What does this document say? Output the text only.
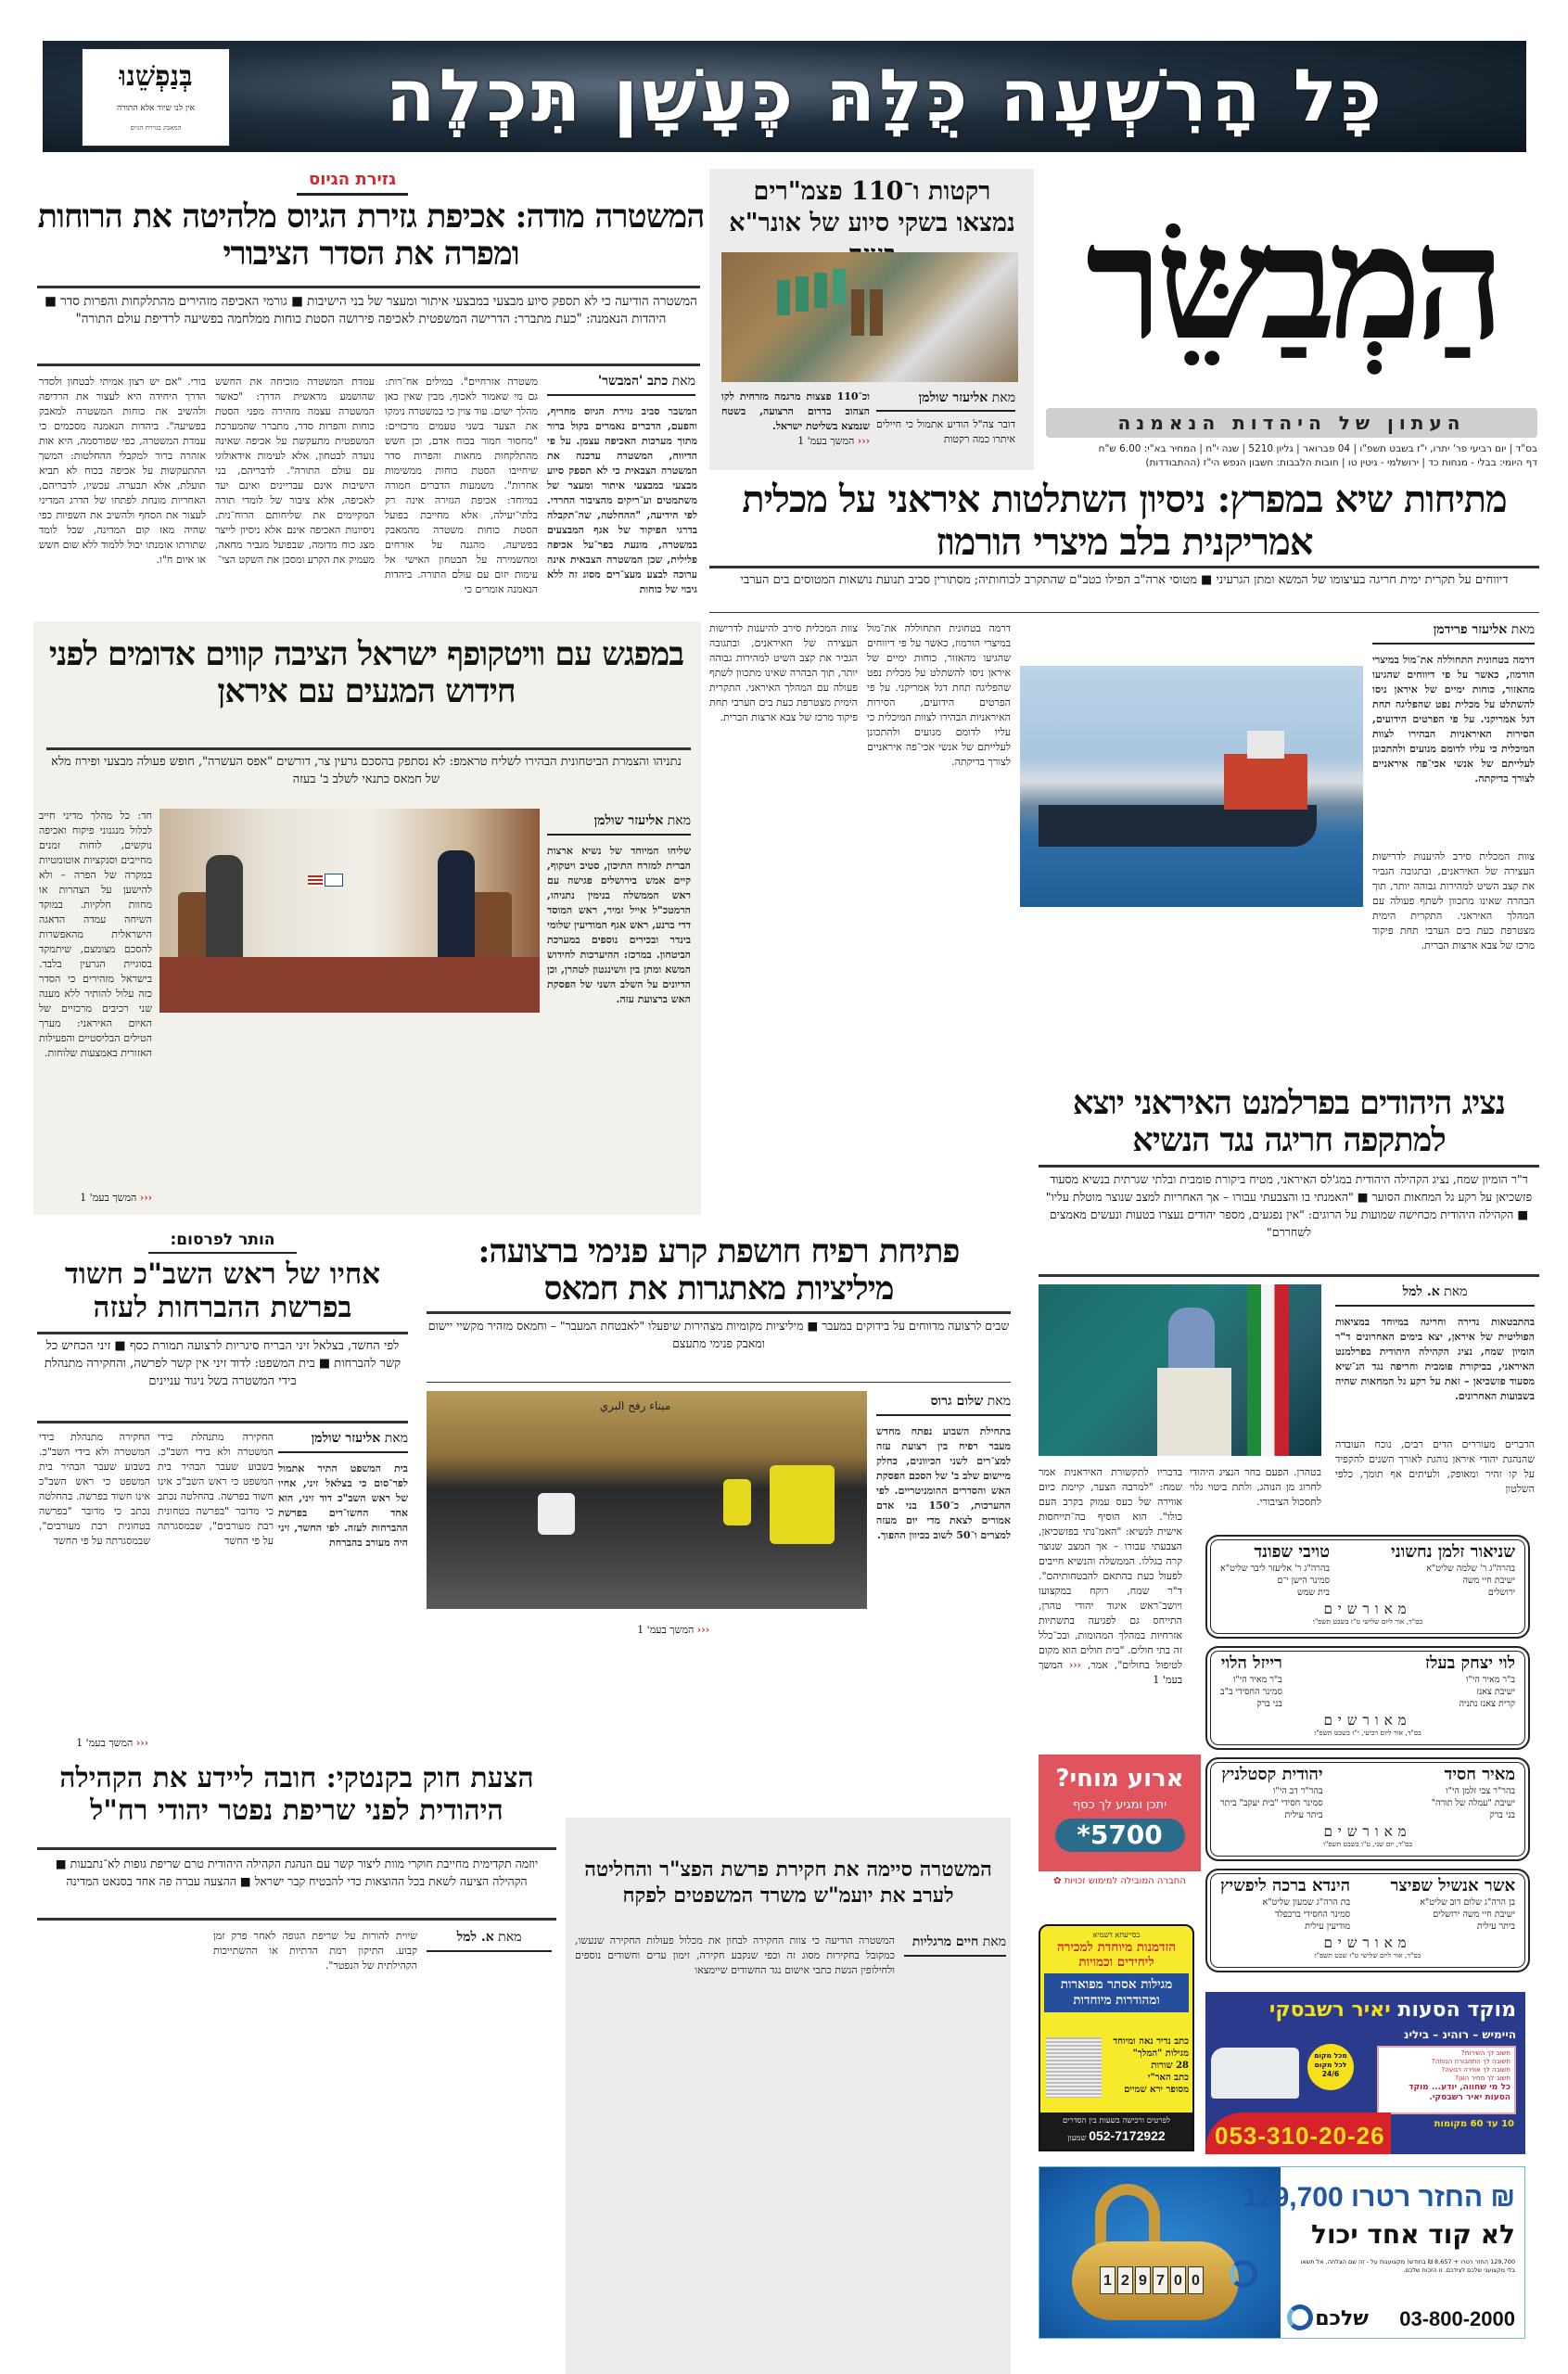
כָּל הָרִשְׁעָה כֻּלָּהּ כֶּעָשָׁן תִּכְלֶה
בְּנַפְשֵׁנוּ
אין לנו שיור אלא התורה
המאבק בגזירת הגיוס
הַמְבַשֵּׂר
העתון של היהדות הנאמנה
בס"ד | יום רביעי פר' יתרו, י"ז בשבט תשפ"ו | 04 פברואר | גליון 5210 | שנה י"ח | המחיר בא"י: 6.00 ש"ח
דף היומי: בבלי - מנחות כד | ירושלמי - גיטין טו | חובות הלבבות: חשבון הנפש הי"ז (ההתבודדות)
רקטות ו־110 פצמ"רים נמצאו בשקי סיוע של אונר"א
מאת אליעזר שולמן
דובר צה"ל הודיע אתמול כי חיילים איתרו כמה רקטות
וכ־110 פצצות מרגמה מזרחית לקו הצהוב בדרום הרצועה, בשטח שנמצא בשליטת ישראל.
‹‹‹ המשך בעמ' 1
גזירת הגיוס
המשטרה מודה: אכיפת גזירת הגיוס מלהיטה את הרוחות ומפרה את הסדר הציבורי
המשטרה הודיעה כי לא תספק סיוע מבצעי במבצעי איתור ומעצר של בני הישיבות ■ גורמי האכיפה מזהירים מהתלקחות והפרות סדר ■ היהדות הנאמנה: "כעת מתברר: הדרישה המשפטית לאכיפה פירושה הסטת כוחות ממלחמה בפשיעה לרדיפת עולם התורה"
מאת כתב 'המבשר'
המשבר סביב גזירת הגיוס מחריף, והפעם, הדברים נאמרים בקול ברור מתוך מערכות האכיפה עצמן. על פי הדיווח, המשטרה עדכנה את המשטרה הצבאית כי לא תספק סיוע מבצעי במבצעי איתור ומעצר של משתמטים וע־ריקים מהציבור החרדי. לפי הידיעה, "ההחלטה, שה־תקבלה בדרגי הפיקוד של אגף המבצעים במשטרה, מונעת בפר־על אכיפה פלילית, שכן המשטרה הצבאית אינה ערוכה לבצע מעצ־רים מסוג זה ללא גיבוי של כוחות
משטרה אזרחיים". במילים אח־רות: גם מי שאמור לאכוף, מבין שאין כאן מהלך ישים. עוד צוין כי במשטרה נימקו את הצעד בשני טעמים מרכזיים: "מחסור חמור בכוח אדם, וכן חשש מהתלקחות מחאות והפרות סדר שיחייבו הסטת כוחות ממשימות אחרות". משמעות הדברים חמורה במיוחד: אכיפת הגזירה אינה רק בלתי־יעילה, אלא מחייבת בפועל הסטת כוחות משטרה מהמאבק בפשיעה, מהגנה על אזרחים ומהשמירה על הבטחון האישי אל עימות יזום עם עולם התורה. ביהדות הנאמנה אומרים כי
עמדת המשטרה מוכיחה את החשש שהושמע מראשית הדרך: "כאשר המשטרה עצמה מזהירה מפני הסטת כוחות והפרות סדר, מתברר שהמערכת המשפטית מתעקשת על אכיפה שאינה נועדה לבטחון, אלא לעימות אידאולוגי עם עולם התורה". לדבריהם, בני הישיבות אינם עבריינים ואינם יעד לאכיפה, אלא ציבור של לומדי תורה המקיימים את שליחותם הרוח־נית. ניסיונות האכיפה אינם אלא ניסיון לייצר מצג כוח מדומה, שבפועל מגביר מחאה, מעמיק את הקרע ומסכן את השקט הצי־
בורי. "אם יש רצון אמיתי לבטחון ולסדר הדרך היחידה היא לעצור את הרדיפה ולהשיב את כוחות המשטרה למאבק בפשיעה". ביהדות הנאמנה מסכמים כי עמדת המשטרה, כפי שפורסמה, היא אות אזהרה ברור למקבלי ההחלטות: המשך ההתעקשות על אכיפה בכוח לא תביא תועלת, אלא תבערה. עכשיו, לדבריהם, האחריות מונחת לפתחו של הדרג המדיני לעצור את הסחף ולהשיב את השפיות כפי שהיה מאז קום המדינה, שכל לומד שתורתו אומנתו יכול ללמוד ללא שום חשש או איום ח"ו.
מתיחות שיא במפרץ: ניסיון השתלטות איראני על מכלית אמריקנית בלב מיצרי הורמוז
דיווחים על תקרית ימית חריגה בעיצומו של המשא ומתן הגרעיני ■ מטוסי ארה"ב הפילו כטב"ם שהתקרב לכוחותיה; מסתורין סביב תנועת נושאות המטוסים בים הערבי
מאת אליעזר פרידמן
דרמה בטחונית התחוללה את־מול במיצרי הורמוז, כאשר על פי דיווחים שהגיעו מהאזור, כוחות ימיים של איראן ניסו להשתלט על מכלית נפט שהפליגה תחת דגל אמריקני. על פי הפרטים הידועים, הסירות האיראניות הבהירו לצוות המיכלית כי עליו לדומם מנועים ולהתכונן לעלייתם של אנשי אכי־פה איראניים לצורך בדיקתה.
צוות המכלית סירב להיענות לדרישות העצירה של האיראנים, ובתגובה הגביר את קצב השיט למהירות גבוהה יותר, תוך הבהרה שאינו מתכוון לשתף פעולה עם המהלך האיראני. התקרית הימית מצטרפת כעת בים הערבי תחת פיקוד מרכז של צבא ארצות הברית.
צוות המכלית סירב להיענות לדרישות העצירה של האיראנים, ובתגובה הגביר את קצב השיט למהירות גבוהה יותר, תוך הבהרה שאינו מתכוון לשתף פעולה עם המהלך האיראני. התקרית הימית מצטרפת כעת בים הערבי תחת פיקוד מרכז של צבא ארצות הברית.
דרמה בטחונית התחוללה את־מול במיצרי הורמוז, כאשר על פי דיווחים שהגיעו מהאזור, כוחות ימיים של איראן ניסו להשתלט על מכלית נפט שהפליגה תחת דגל אמריקני. על פי הפרטים הידועים, הסירות האיראניות הבהירו לצוות המיכלית כי עליו לדומם מנועים ולהתכונן לעלייתם של אנשי אכי־פה איראניים לצורך בדיקתה.
במפגש עם וויטקופף ישראל הציבה קווים אדומים לפני חידוש המגעים עם איראן
נתניהו והצמרת הביטחונית הבהירו לשליח טראמפ: לא נסתפק בהסכם גרעין צר, דורשים "אפס העשרה", חופש פעולה מבצעי ופירוז מלא של חמאס כתנאי לשלב ב' בעזה
מאת אליעזר שולמן
שליחו המיוחד של נשיא ארצות הברית למזרח התיכון, סטיב ויטקוף, קיים אמש בירושלים פגישה עם ראש הממשלה בנימין נתניהו, הרמטכ"ל אייל זמיר, ראש המוסד דדי ברנע, ראש אגף המודיעין שלומי בינדר ובכירים נוספים במערכת הביטחון. במרכז: ההיערכות לחידוש המשא ומתן בין וושינגטון לטהרן, וכן הדיונים על השלב השני של הפסקת האש ברצועת עזה.
חד: כל מהלך מדיני חייב לכלול מנגנוני פיקוח ואכיפה נוקשים, לוחות זמנים מחייבים וסנקציות אוטומטיות במקרה של הפרה – ולא להישען על הצהרות או מחוות חלקיות. במוקד השיחה עמדה הדאגה הישראלית מהאפשרות להסכם מצומצם, שיתמקד בסוגיית הגרעין בלבד. בישראל מזהירים כי הסדר כזה עלול להותיר ללא מענה שני רכיבים מרכזיים של האיום האיראני: מערך הטילים הבליסטיים והפעילות האזורית באמצעות שלוחות.
‹‹‹ המשך בעמ' 1
נציג היהודים בפרלמנט האיראני יוצא למתקפה חריגה נגד הנשיא
ד"ר הומיון שמח, נציג הקהילה היהודית במג'לס האיראני, מטיח ביקורת פומבית ובלתי שגרתית בנשיא מסעוד פזשכיאן על רקע גל המחאות הסוער ■ "האמנתי בו והצבעתי עבורו – אך האחריות למצב שנוצר מוטלת עליו" ■ הקהילה היהודית מכחישה שמועות על הרוגים: "אין נפגעים, מספר יהודים נעצרו בטעות ונעשים מאמצים לשחררם"
מאת א. למל
בהתבטאות נדירה וחריגה במיוחד במציאות הפוליטית של איראן, יצא בימים האחרונים ד"ר הומיון שמח, נציג הקהילה היהודית בפרלמנט האיראני, בביקורת פומבית וחריפה נגד הנ־שיא מסעוד פזשכיאן – זאת על רקע גל המחאות שהיה בשבועות האחרונים.
הדברים מעוררים הדים רבים, נוכח העובדה שהנהגת יהודי איראן נוהגת לאורך השנים להקפיד על קו זהיר ומאופק, ולעיתים אף תומך, כלפי השלטון
בטהרן. הפעם בחר הנציג היהודי לחרוג מן הנוהג, ולתת ביטוי גלוי לתסכול הציבורי.
בדבריו לתקשורת האיראנית אמר שמח: "למרבה הצער, קיימת כיום אווירה של כעס עמוק בקרב העם כולו". הוא הוסיף בה־תייחסות אישית לנשיא: "האמ־נתי בפזשכיאן, הצבעתי עבורו – אך המצב שנוצר קרה בגללו. הממשלה והנשיא חייבים לפעול כעת בהתאם להבטחותיהם". ד"ר שמח, רוקח במקצועו ויושב־ראש איגוד יהודי טהרן, התייחס גם לפגיעה בתשתיות אזרחיות במהלך המהומות, ובכ־כלל זה בתי חולים. "בית חולים הוא מקום לטיפול בחולים", אמר, ‹‹‹ המשך בעמ' 1
פתיחת רפיח חושפת קרע פנימי ברצועה: מיליציות מאתגרות את חמאס
שבים לרצועה מדווחים על בידוקים במעבר ■ מיליציות מקומיות מצהירות שיפעלו "לאבטחת המעבר" – וחמאס מזהיר מקשיי יישום ומאבק פנימי מתעצם
ميناء رفح البري	מאת שלום גרוס
בתחילת השבוע נפתח מחדש מעבר רפיח בין רצועת עזה למצ־רים לשני הכיוונים, כחלק מיישום שלב ב' של הסכם הפסקת האש והסדרים ההומניטריים. לפי ההערכות, כ־150 בני אדם אמורים לצאת מדי יום מעזה למצרים ו־50 לשוב בכיוון ההפוך.
‹‹‹ המשך בעמ' 1
הותר לפרסום:
אחיו של ראש השב"כ חשוד בפרשת ההברחות לעזה
לפי החשד, בצלאל זיני הבריח סיגריות לרצועה תמורת כסף ■ זיני הכחיש כל קשר להברחות ■ בית המשפט: לדוד זיני אין קשר לפרשה, והחקירה מתנהלת בידי המשטרה בשל ניגוד עניינים
מאת אליעזר שולמן
בית המשפט התיר אתמול לפר־סום כי בצלאל זיני, אחיו של ראש השב"כ דוד זיני, הוא אחד החשו־דים בפרשת ההברחות לעזה. לפי החשד, זיני היה מעורב בהברחת
החקירה מתנהלת בידי המשטרה ולא בידי השב"כ. בשבוע שעבר הבהיר בית המשפט כי ראש השב"כ אינו חשוד בפרשה. בהחלטה נכתב כי מדובר "בפרשה בטחונית רבת מעורבים", שבמסגרתה על פי החשד
החקירה מתנהלת בידי המשטרה ולא בידי השב"כ. בשבוע שעבר הבהיר בית המשפט כי ראש השב"כ אינו חשוד בפרשה. בהחלטה נכתב כי מדובר "בפרשה בטחונית רבת מעורבים", שבמסגרתה על פי החשד
‹‹‹ המשך בעמ' 1
הצעת חוק בקנטקי: חובה ליידע את הקהילה היהודית לפני שריפת נפטר יהודי רח"ל
יוזמה תקדימית מחייבת חוקרי מוות ליצור קשר עם הנהגת הקהילה היהודית טרם שריפת גופות לא־נתבעות ■ הקהילה הציעה לשאת בכל ההוצאות כדי להבטיח קבר ישראל ■ ההצעה עברה פה אחד בסנאט המדינה
מאת א. למל
שיוית להורות על שריפת הגופה לאחר פרק זמן קבוע. התיקון רמת הדתיות או ההשתייכות הקהילתית של הנפטר".
המשטרה סיימה את חקירת פרשת הפצ"ר והחליטה לערב את יועמ"ש משרד המשפטים לפקח
מאת חיים מרגליות
המשטרה הודיעה כי צוות החקירה לבחון את מכלול פעולות החקירה שנעשו, כמקובל בחקירות מסוג זה וכפי שנקבע חקירה, זימון עדים וחשודים נוספים ולחילופין הגשת כתבי אישום נגד החשודים שיימצאו
שניאור זלמן נחשוני
בהרה"ג ר' שלמה שליט"א
ישיבת חיי משה
ירושלים
טויבי שפונד
בהרה"ג ר' אליעזר ליבר שליט"א
סמינר הישן י־ם
בית שמש
מאורשים
בס"ד, אור ליום שלישי ט"ז בשבט תשפ"ו
לוי יצחק בעלז
ב"ר מאיר הי"ו
ישיבת צאנז
קרית צאנז נתניה
רייזל הלוי
ב"ר מאיר הי"ו
סמינר החסידי ב"ב
בני ברק
מאורשים
בס"ד, אור ליום רביעי, י"ז בשבט תשפ"ו
מאיר חסיד
בהר"ר צבי זלמן הי"ו
ישיבת "עמלה של תורה"
בני ברק
יהודית קסטלניץ
בהר"ר דב הי"ו
סמינר חסידי "בית יעקב" ביתר
ביתר עילית
מאורשים
בס"ד, יום שני, ט"ו בשבט תשפ"ו
אשר אנשיל שפיצר
בן הרה"ג שלום דוב שליט"א
ישיבת חיי משה ירושלים
ביתר עילית
הינדא ברכה ליפשיץ
בת הרה"ג שמעון שליט"א
סמינר החסידי ברכפלד
מודיעין עילית
מאורשים
בס"ד, אור ליום שלישי ט"ז שבט תשפ"ו
ארוע מוחי?
יתכן ומגיע לך כסף
*5700
החברה המובילה למימוש זכויות ✿
בסייעתא דשמיא
הזדמנות מיוחדת למכירה ליחידים וכמויות
מגילות אסתר מפוארות ומהודרות מיוחדות
כתב נדיר נאה ומיוחד
מגילות "המלך"
28 שורות
כתב האר"י
מסופר ירא שמיים
לפרטים ורכישה בשעות בין הסדרים
052-7172922 שמעון
מוקד הסעות יאיר רשבסקי
היימיש – רוהינ – בילינ
חשוב לך השירות?
חשובה לך התחבורה הנוחה?
חשובה לך אווירה רגועה?
חשוב לך מחיר הוגן?
כל מי שחווה, יודע... מוקד הסעות יאיר רשבסקי.
מכל מקום לכל מקום 24/6
10 עד 60 מקומות
053-310-20-26
1 2 9 7 0 0
₪ החזר רטרו 129,700
לא קוד אחד יכול
129,700 החזר רטרו + 8,657 ₪ בחודש! מקצוענות על - זה שם הצלחה. אל תשאו בלי מקצועני שלכם לצידכם. זו הזכות שלכם.
03-800-2000
שלכם
